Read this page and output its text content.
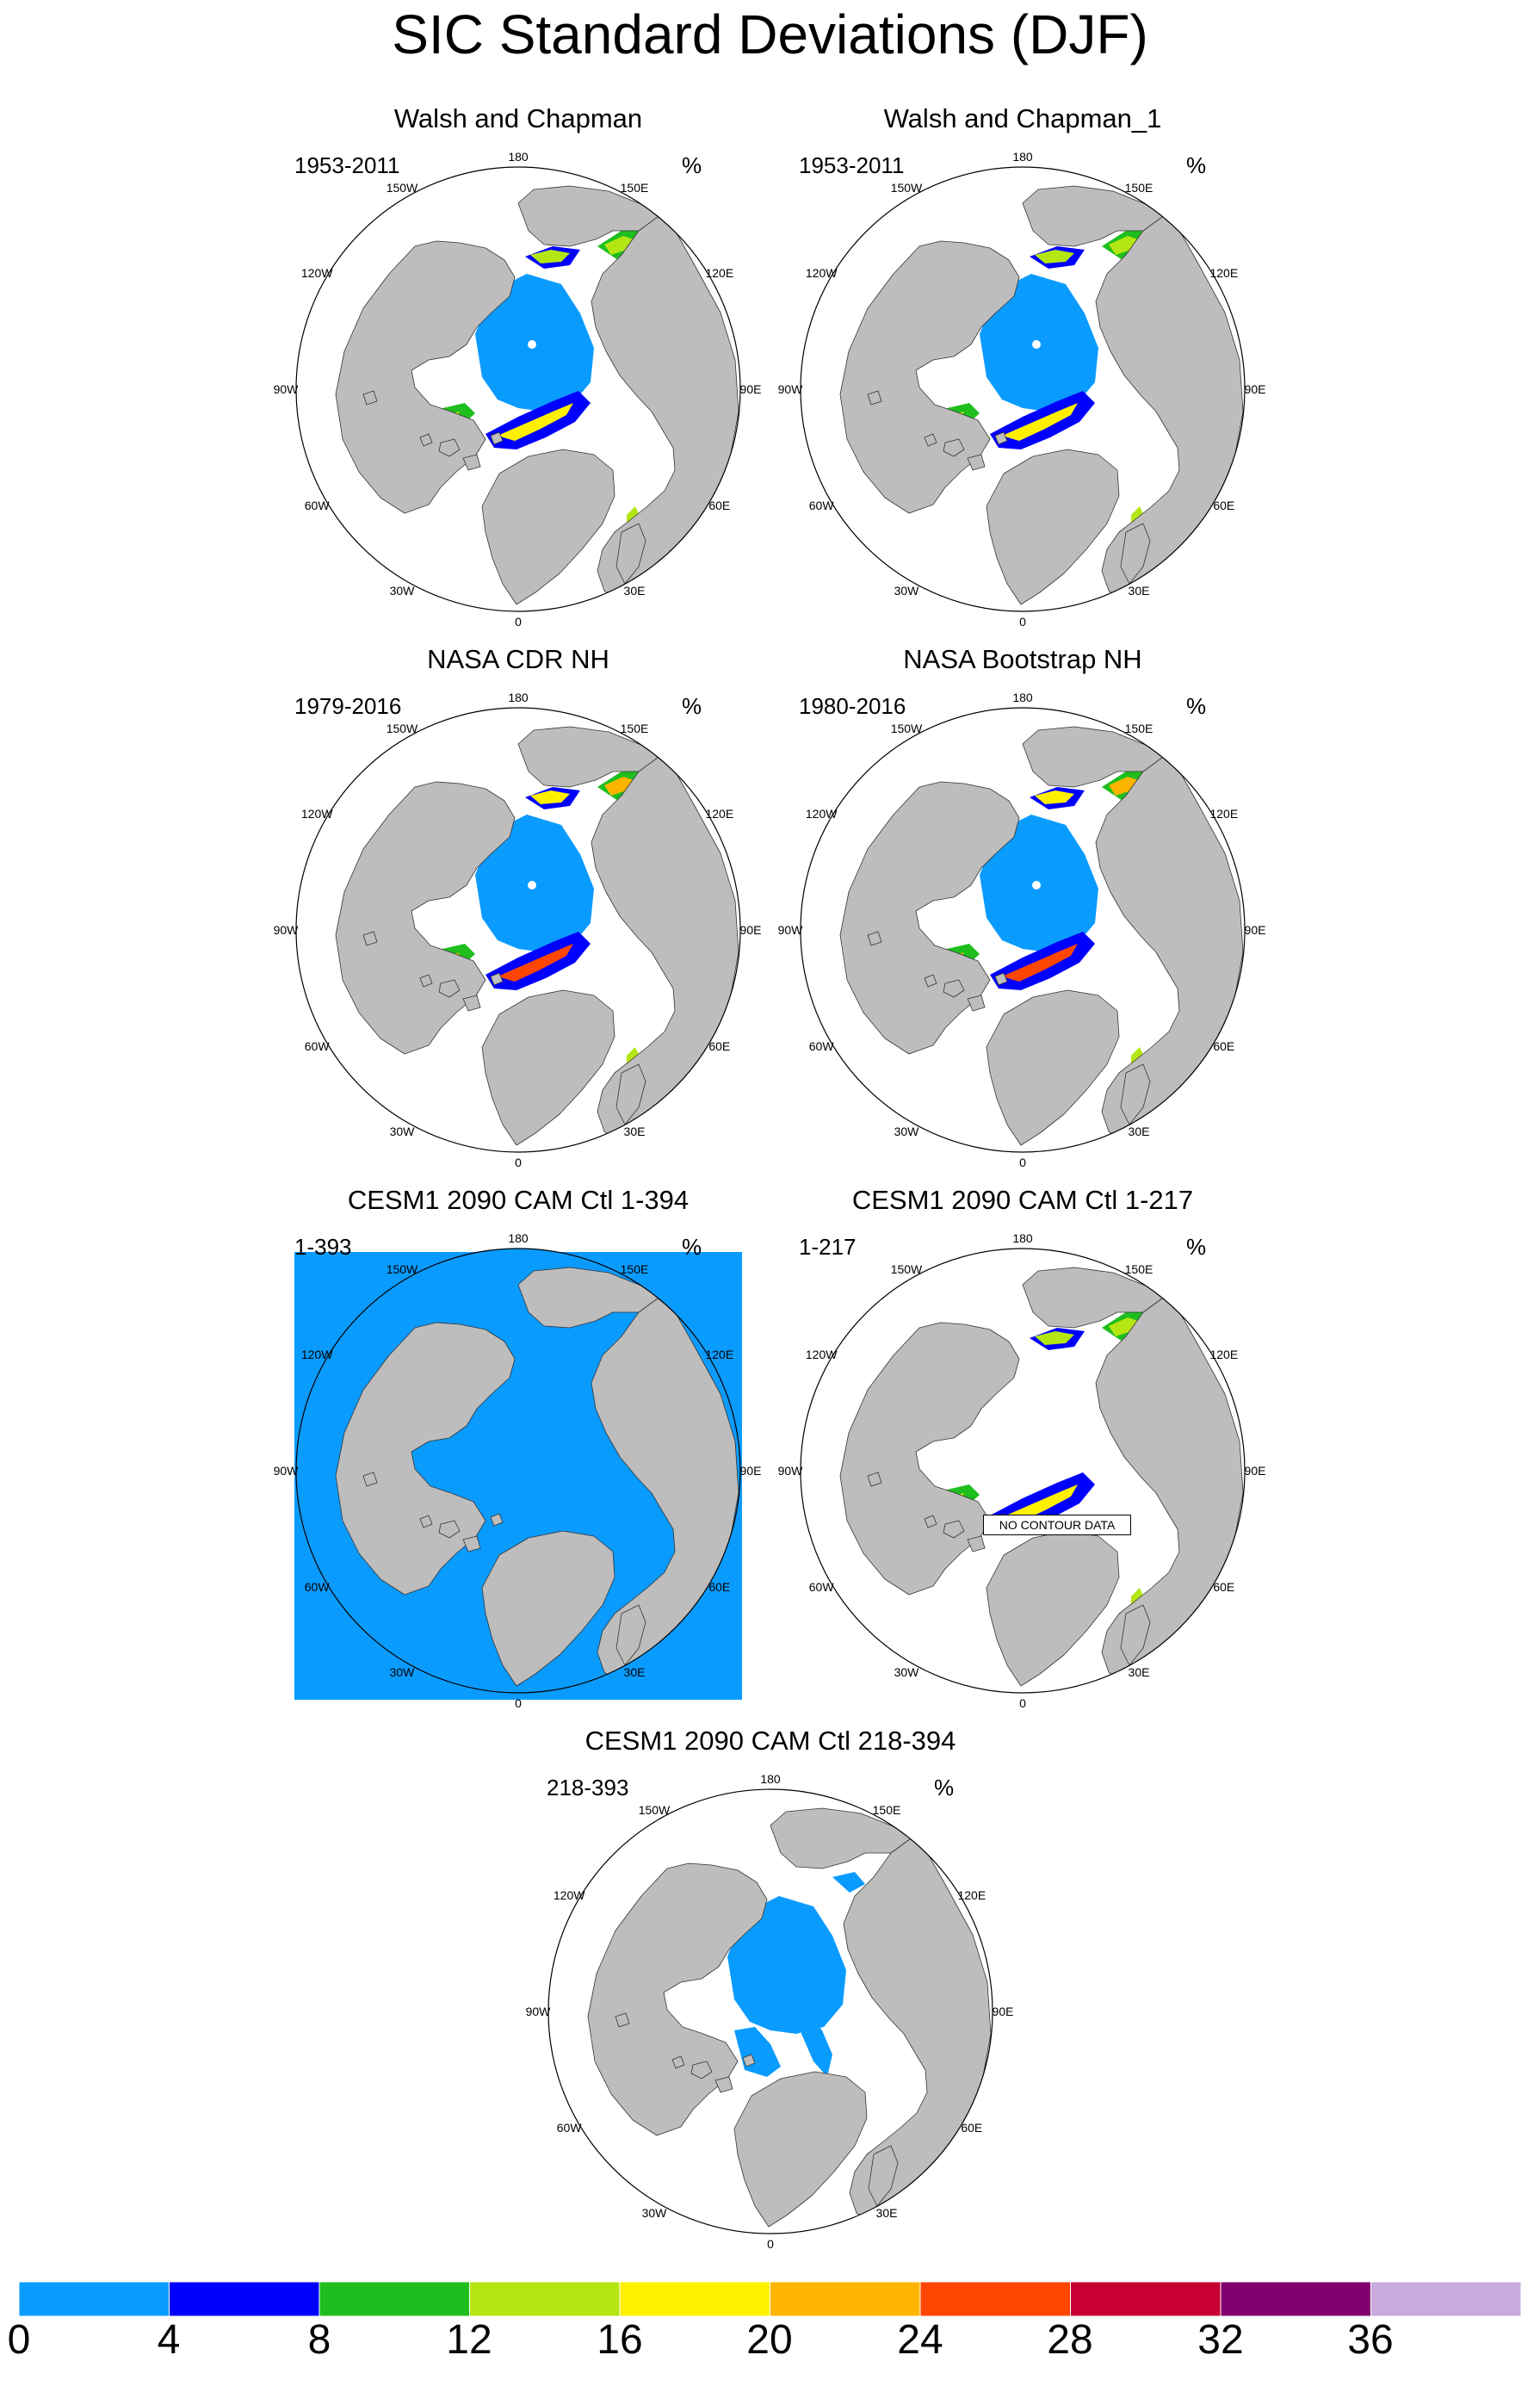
SIC Standard Deviations (DJF)
Walsh and Chapman
1953-2011	%
180
150E
120E
90E
60E
30E
0
30W
60W
90W
120W
150W
Walsh and Chapman_1
1953-2011	%
180
150E
120E
90E
60E
30E
0
30W
60W
90W
120W
150W
NASA CDR NH
1979-2016	%
180
150E
120E
90E
60E
30E
0
30W
60W
90W
120W
150W
NASA Bootstrap NH
1980-2016	%
180
150E
120E
90E
60E
30E
0
30W
60W
90W
120W
150W
180
150E
120E
90E
60E
30E
0
30W
60W
90W
120W
150W
CESM1 2090 CAM Ctl 1-394
1-393	%
CESM1 2090 CAM Ctl 1-217
1-217	%
180
150E
120E
90E
60E
30E
0
30W
60W
90W
120W
150W
NO CONTOUR DATA
CESM1 2090 CAM Ctl 218-394
218-393	%
180
150E
120E
90E
60E
30E
0
30W
60W
90W
120W
150W
0	4	8	12	16	20	24	28	32	36
